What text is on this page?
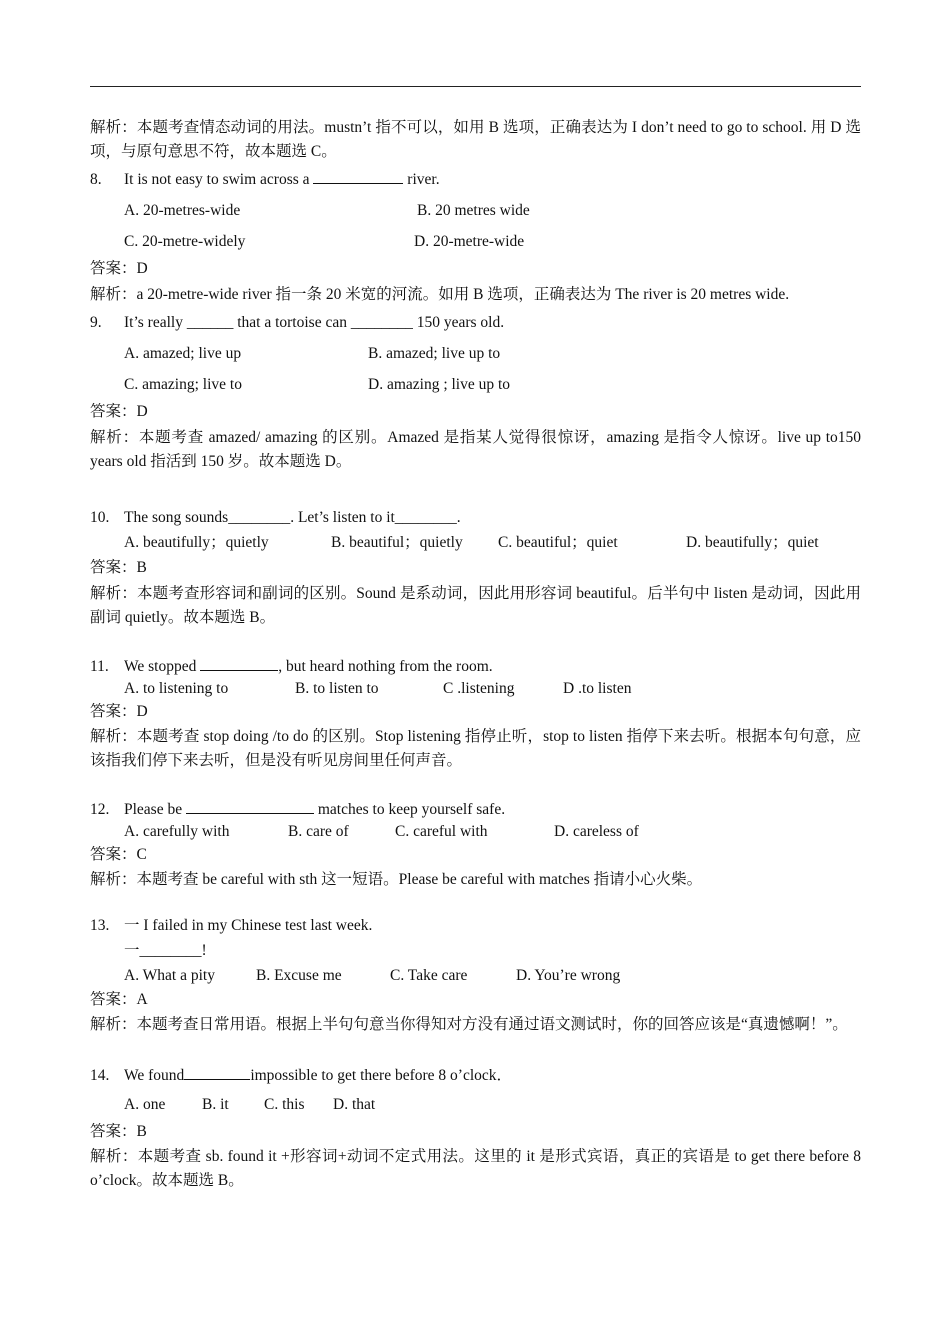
解析：本题考查情态动词的用法。mustn’t 指不可以，如用 B 选项，正确表达为 I don’t need to go to school. 用 D 选项，与原句意思不符，故本题选 C。
8.	It is not easy to swim across a	river.
A. 20-metres-wide	B. 20 metres wide
C. 20-metre-widely	D. 20-metre-wide
答案：D
解析：a 20-metre-wide river 指一条 20 米宽的河流。如用 B 选项，正确表达为 The river is 20 metres wide.
9.	It’s really ______ that a tortoise can ________ 150 years old.
A. amazed; live up	B. amazed; live up to
C. amazing; live to	D. amazing ; live up to
答案：D
解析：本题考查 amazed/ amazing 的区别。Amazed 是指某人觉得很惊讶，amazing 是指令人惊讶。live up to150 years old 指活到 150 岁。故本题选 D。
10. The song sounds________. Let’s listen to it________.
A. beautifully；quietly	B. beautiful；quietly C. beautiful；quiet	D. beautifully；quiet
答案：B
解析：本题考查形容词和副词的区别。Sound 是系动词，因此用形容词 beautiful。后半句中 listen 是动词，因此用副词 quietly。故本题选 B。
11. We stopped	, but heard nothing from the room.
A. to listening to	B. to listen to	C .listening	D .to listen
答案：D
解析：本题考查 stop doing /to do 的区别。Stop listening 指停止听，stop to listen 指停下来去听。根据本句句意，应该指我们停下来去听，但是没有听见房间里任何声音。
12. Please be	matches to keep yourself safe.
A. carefully with	B. care of	C. careful with	D. careless of
答案：C
解析：本题考查 be careful with sth 这一短语。Please be careful with matches 指请小心火柴。
13. 一 I failed in my Chinese test last week.
一________!
A. What a pity	B. Excuse me	C. Take care	D. You’re wrong
答案：A
解析：本题考查日常用语。根据上半句句意当你得知对方没有通过语文测试时，你的回答应该是“真遗憾啊！”。
14. We found	impossible to get there before 8 o’clock．
A. one B. it C. this D. that
答案：B
解析：本题考查 sb. found it +形容词+动词不定式用法。这里的 it 是形式宾语，真正的宾语是 to get there before 8 o’clock。故本题选 B。
